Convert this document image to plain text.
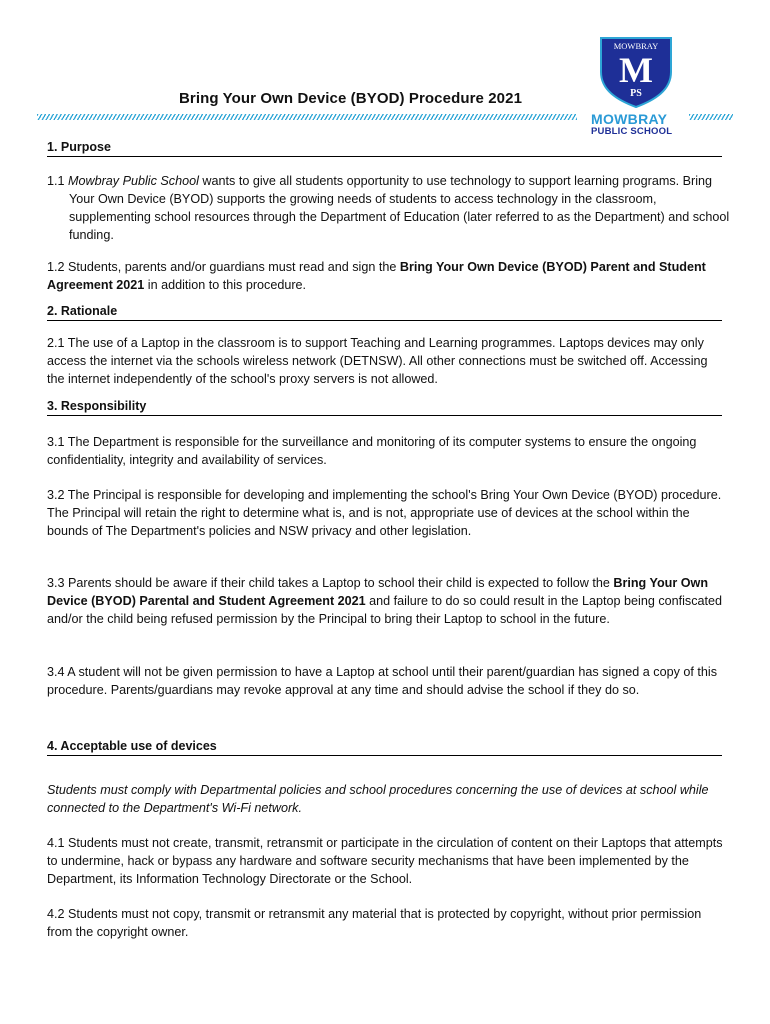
Bring Your Own Device (BYOD) Procedure 2021
MOWBRAY
M
PS
MOWBRAY
PUBLIC SCHOOL
1. Purpose
1.1 Mowbray Public School wants to give all students opportunity to use technology to support learning programs. Bring Your Own Device (BYOD) supports the growing needs of students to access technology in the classroom, supplementing school resources through the Department of Education (later referred to as the Department) and school funding.
1.2 Students, parents and/or guardians must read and sign the Bring Your Own Device (BYOD) Parent and Student Agreement 2021 in addition to this procedure.
2. Rationale
2.1 The use of a Laptop in the classroom is to support Teaching and Learning programmes. Laptops devices may only access the internet via the schools wireless network (DETNSW). All other connections must be switched off. Accessing the internet independently of the school's proxy servers is not allowed.
3. Responsibility
3.1 The Department is responsible for the surveillance and monitoring of its computer systems to ensure the ongoing confidentiality, integrity and availability of services.
3.2 The Principal is responsible for developing and implementing the school's Bring Your Own Device (BYOD) procedure. The Principal will retain the right to determine what is, and is not, appropriate use of devices at the school within the bounds of The Department's policies and NSW privacy and other legislation.
3.3 Parents should be aware if their child takes a Laptop to school their child is expected to follow the Bring Your Own Device (BYOD) Parental and Student Agreement 2021 and failure to do so could result in the Laptop being confiscated and/or the child being refused permission by the Principal to bring their Laptop to school in the future.
3.4 A student will not be given permission to have a Laptop at school until their parent/guardian has signed a copy of this procedure. Parents/guardians may revoke approval at any time and should advise the school if they do so.
4. Acceptable use of devices
Students must comply with Departmental policies and school procedures concerning the use of devices at school while connected to the Department's Wi-Fi network.
4.1 Students must not create, transmit, retransmit or participate in the circulation of content on their Laptops that attempts to undermine, hack or bypass any hardware and software security mechanisms that have been implemented by the Department, its Information Technology Directorate or the School.
4.2 Students must not copy, transmit or retransmit any material that is protected by copyright, without prior permission from the copyright owner.
